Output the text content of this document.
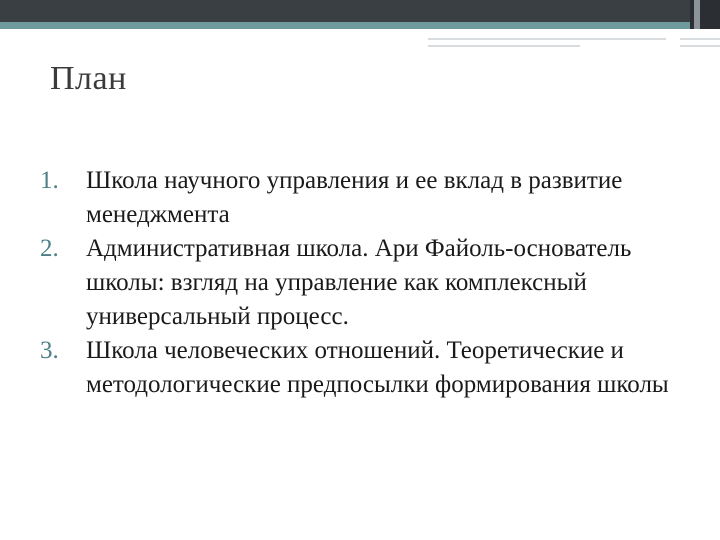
План
1.	Школа научного управления и ее вклад в развитие менеджмента
2.	Административная школа. Ари Файоль-основатель школы: взгляд на управление как комплексный универсальный процесс.
3.	Школа человеческих отношений. Теоретические и методологические предпосылки формирования школы
